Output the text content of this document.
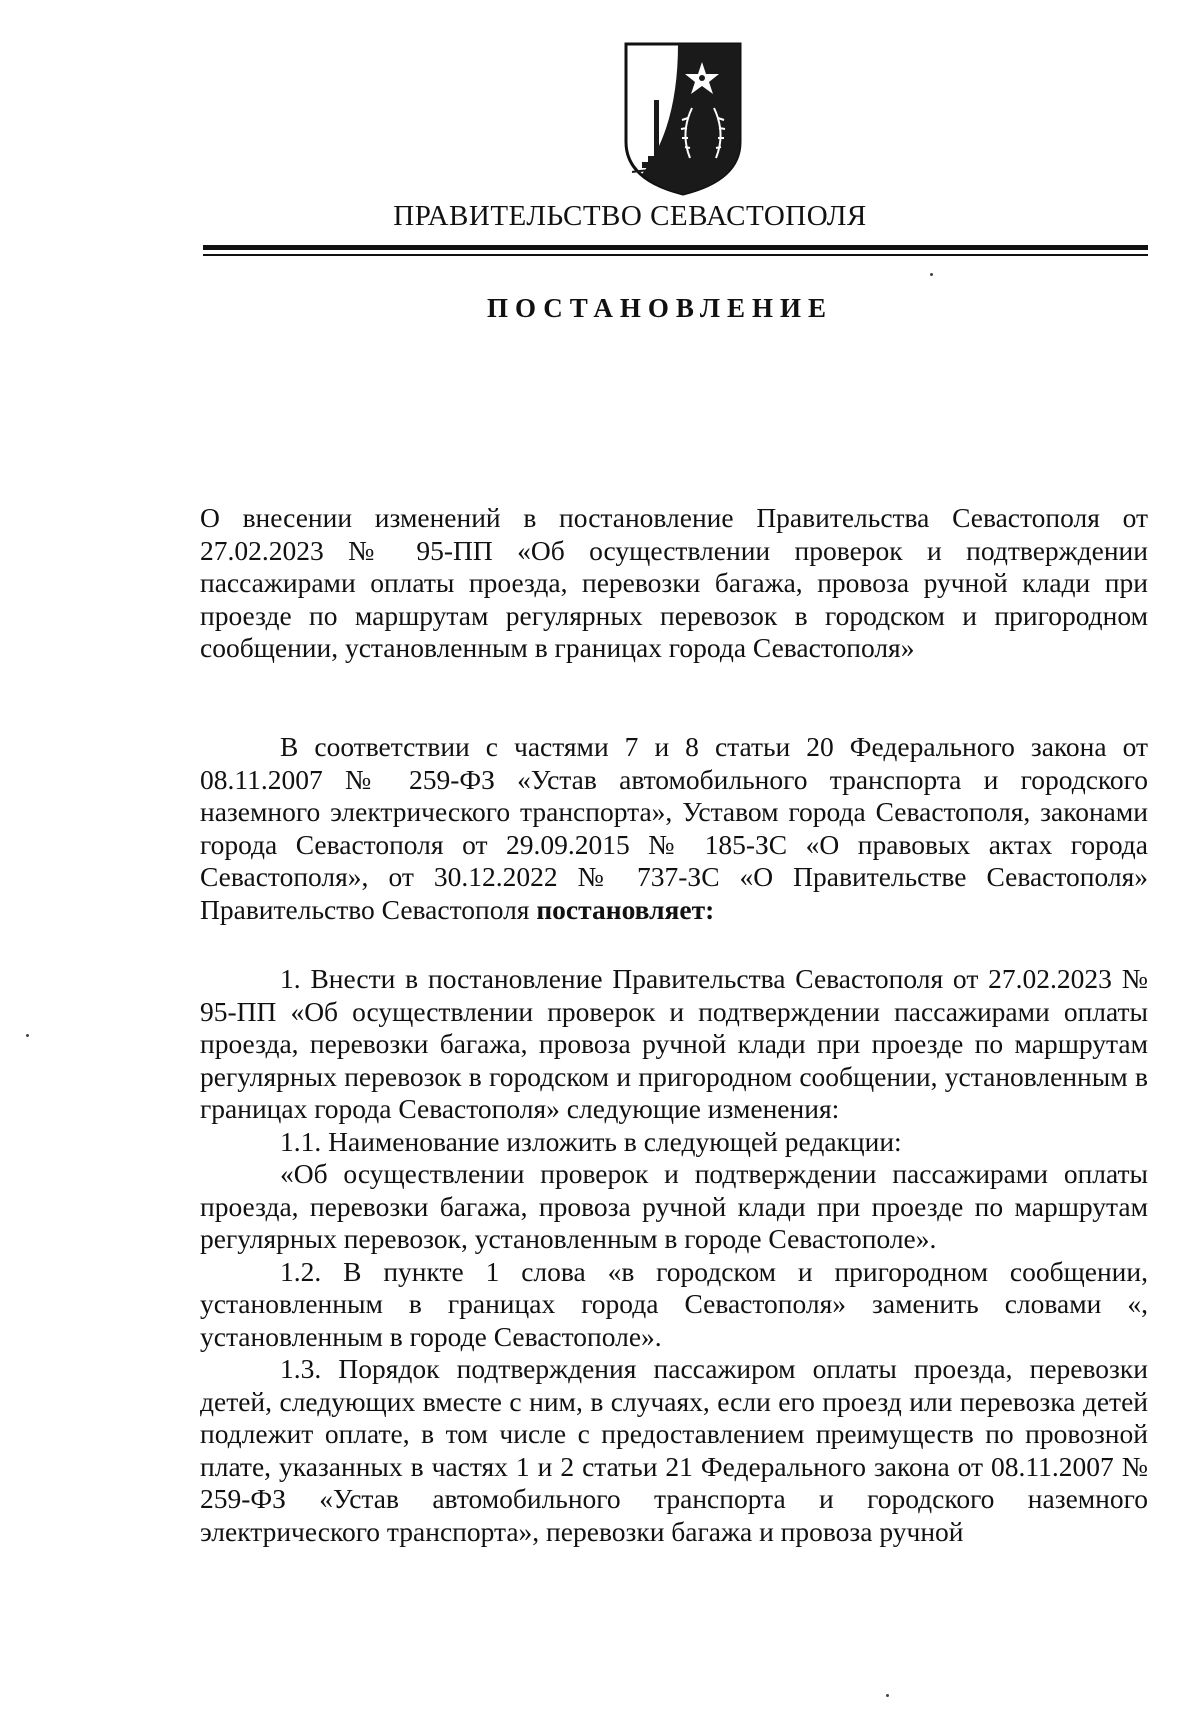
ПРАВИТЕЛЬСТВО СЕВАСТОПОЛЯ
ПОСТАНОВЛЕНИЕ
О внесении изменений в постановление Правительства Севастополя от 27.02.2023 № 95-ПП «Об осуществлении проверок и подтверждении пассажирами оплаты проезда, перевозки багажа, провоза ручной клади при проезде по маршрутам регулярных перевозок в городском и пригородном сообщении, установленным в границах города Севастополя»
В соответствии с частями 7 и 8 статьи 20 Федерального закона от 08.11.2007 № 259-ФЗ «Устав автомобильного транспорта и городского наземного электрического транспорта», Уставом города Севастополя, законами города Севастополя от 29.09.2015 № 185-ЗС «О правовых актах города Севастополя», от 30.12.2022 № 737-ЗС «О Правительстве Севастополя» Правительство Севастополя постановляет:

1. Внести в постановление Правительства Севастополя от 27.02.2023 № 95-ПП «Об осуществлении проверок и подтверждении пассажирами оплаты проезда, перевозки багажа, провоза ручной клади при проезде по маршрутам регулярных перевозок в городском и пригородном сообщении, установленным в границах города Севастополя» следующие изменения:

1.1. Наименование изложить в следующей редакции:

«Об осуществлении проверок и подтверждении пассажирами оплаты проезда, перевозки багажа, провоза ручной клади при проезде по маршрутам регулярных перевозок, установленным в городе Севастополе».

1.2. В пункте 1 слова «в городском и пригородном сообщении, установленным в границах города Севастополя» заменить словами «, установленным в городе Севастополе».

1.3. Порядок подтверждения пассажиром оплаты проезда, перевозки детей, следующих вместе с ним, в случаях, если его проезд или перевозка детей подлежит оплате, в том числе с предоставлением преимуществ по провозной плате, указанных в частях 1 и 2 статьи 21 Федерального закона от 08.11.2007 № 259-ФЗ «Устав автомобильного транспорта и городского наземного электрического транспорта», перевозки багажа и провоза ручной
